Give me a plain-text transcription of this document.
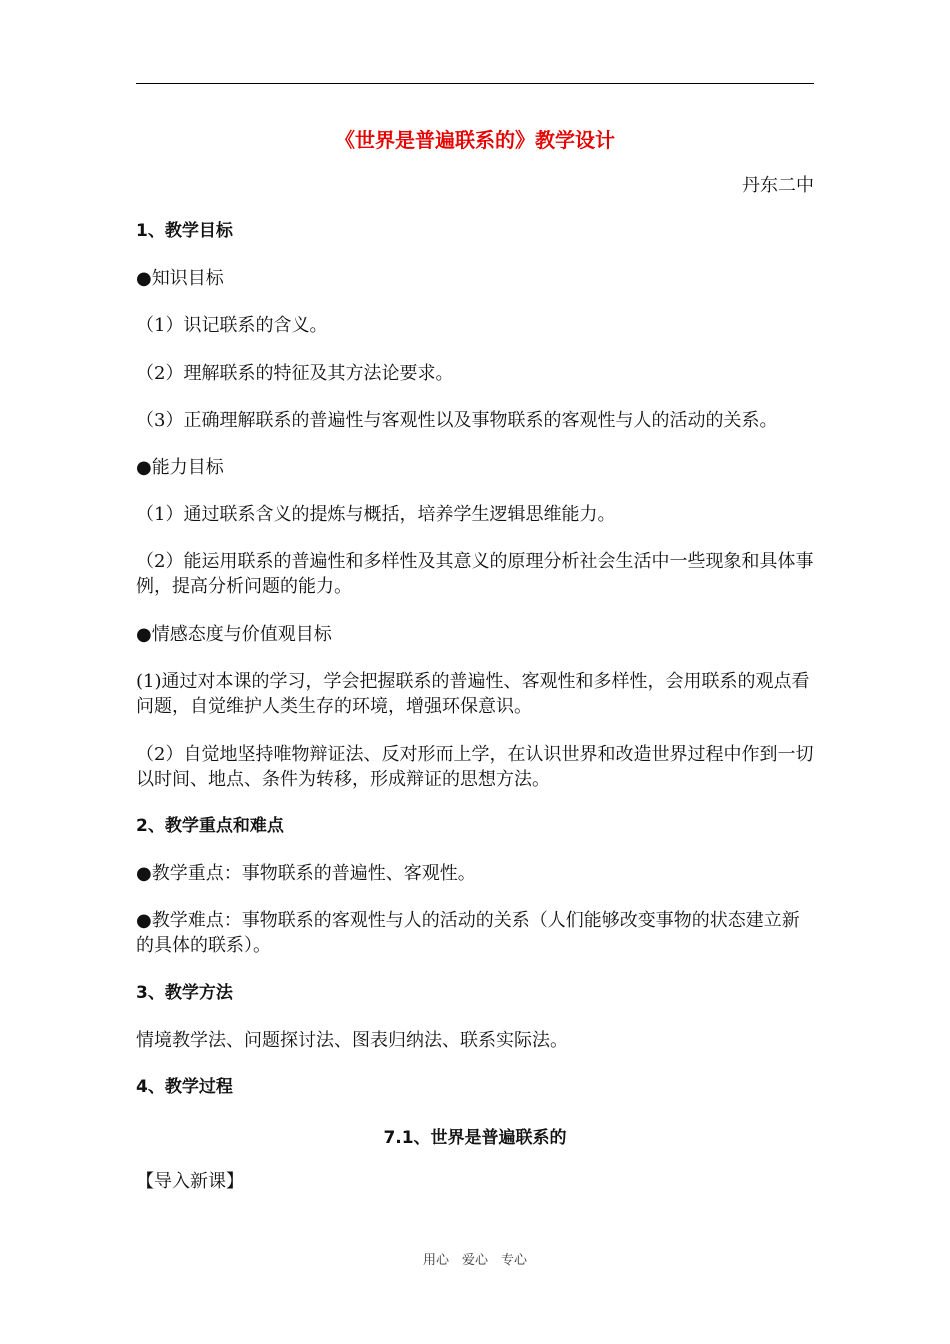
《世界是普遍联系的》教学设计
丹东二中
1、教学目标
●知识目标
（1）识记联系的含义。
（2）理解联系的特征及其方法论要求。
（3）正确理解联系的普遍性与客观性以及事物联系的客观性与人的活动的关系。
●能力目标
（1）通过联系含义的提炼与概括，培养学生逻辑思维能力。
（2）能运用联系的普遍性和多样性及其意义的原理分析社会生活中一些现象和具体事例，提高分析问题的能力。
●情感态度与价值观目标
(1)通过对本课的学习，学会把握联系的普遍性、客观性和多样性，会用联系的观点看问题，自觉维护人类生存的环境，增强环保意识。
（2）自觉地坚持唯物辩证法、反对形而上学，在认识世界和改造世界过程中作到一切以时间、地点、条件为转移，形成辩证的思想方法。
2、教学重点和难点
●教学重点：事物联系的普遍性、客观性。
●教学难点：事物联系的客观性与人的活动的关系（人们能够改变事物的状态建立新的具体的联系）。
3、教学方法
情境教学法、问题探讨法、图表归纳法、联系实际法。
4、教学过程
7.1、世界是普遍联系的
【导入新课】
用心　爱心　专心
